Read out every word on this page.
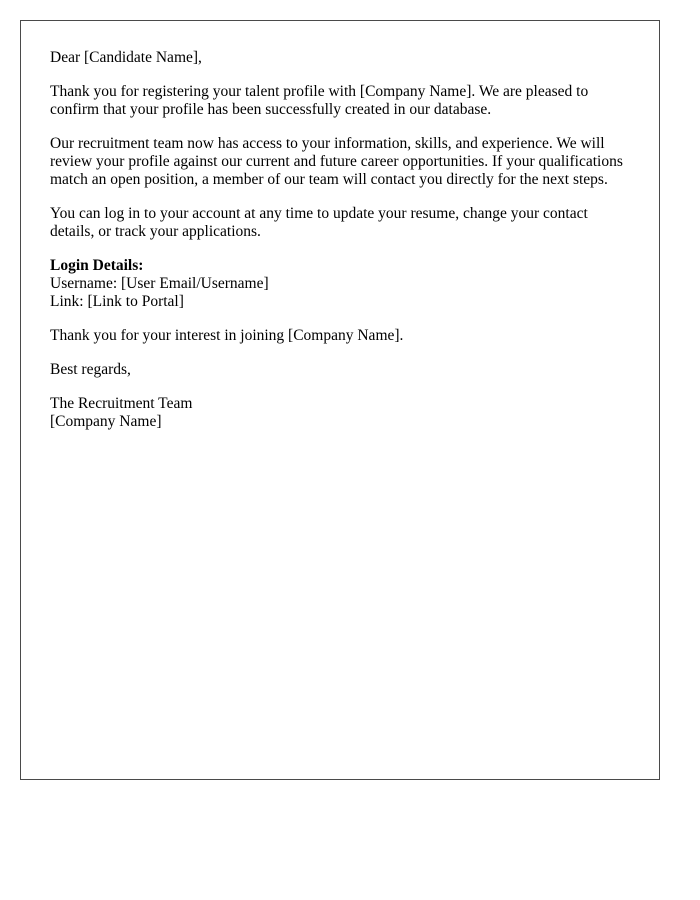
Dear [Candidate Name],

Thank you for registering your talent profile with [Company Name]. We are pleased to confirm that your profile has been successfully created in our database.

Our recruitment team now has access to your information, skills, and experience. We will review your profile against our current and future career opportunities. If your qualifications match an open position, a member of our team will contact you directly for the next steps.

You can log in to your account at any time to update your resume, change your contact details, or track your applications.

Login Details:
Username: [User Email/Username]
Link: [Link to Portal]

Thank you for your interest in joining [Company Name].

Best regards,

The Recruitment Team
[Company Name]
